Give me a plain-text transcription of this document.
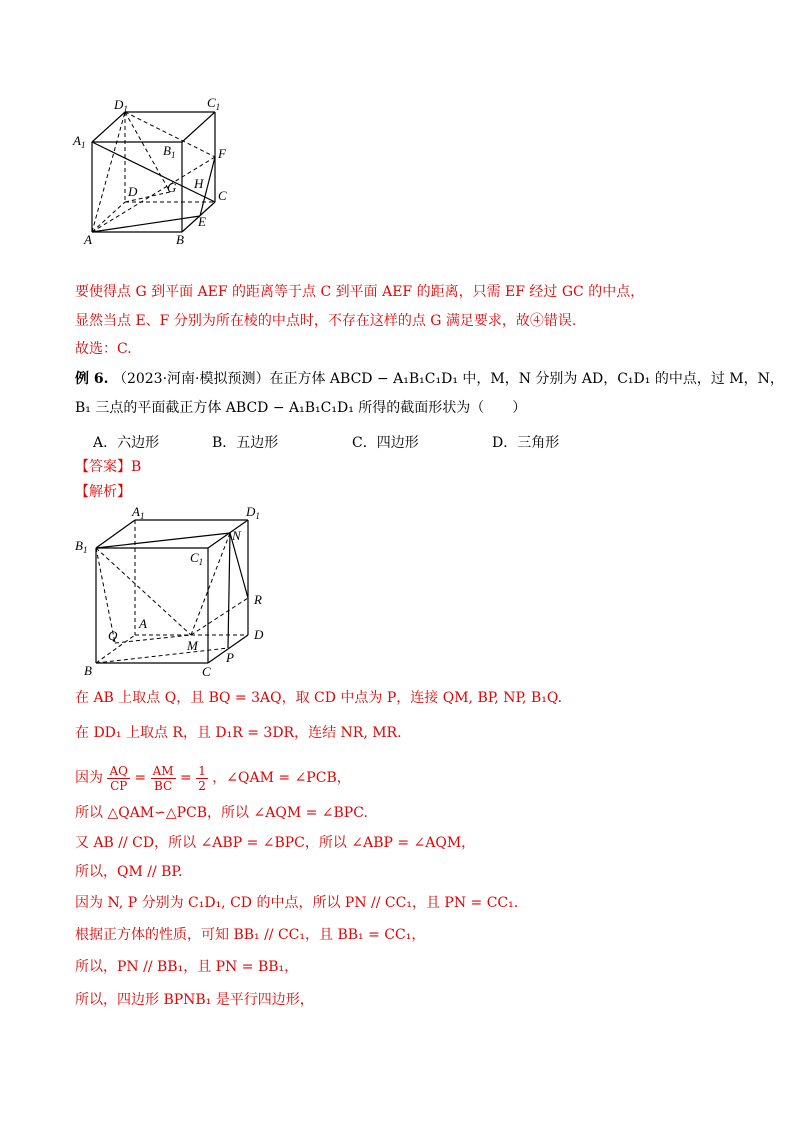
$A_1$
$D_1$	$C_1$
$B_1$	F
D G H
C
E
A	B
要使得点 G 到平面 AEF 的距离等于点 C 到平面 AEF 的距离，只需 EF 经过 GC 的中点，
显然当点 E、F 分别为所在棱的中点时，不存在这样的点 G 满足要求，故④错误.
故选：C.
例 6. （2023·河南·模拟预测）在正方体 ABCD − A₁B₁C₁D₁ 中，M，N 分别为 AD，C₁D₁ 的中点，过 M，N，
B₁ 三点的平面截正方体 ABCD − A₁B₁C₁D₁ 所得的截面形状为（　　）
A．六边形	B．五边形	C．四边形	D．三角形
【答案】B
【解析】
$A_1$	$D_1$
$B_1$
N
$C_1$
R
Q
A
M
D
B	C
P
在 AB 上取点 Q，且 BQ = 3AQ，取 CD 中点为 P，连接 QM, BP, NP, B₁Q.
在 DD₁ 上取点 R，且 D₁R = 3DR，连结 NR, MR.
因为 $\frac{AQ}{CP} = \frac{AM}{BC} = \frac{1}{2}$ ，∠QAM = ∠PCB，
所以 △QAM∽△PCB，所以 ∠AQM = ∠BPC.
又 AB // CD，所以 ∠ABP = ∠BPC，所以 ∠ABP = ∠AQM，
所以，QM // BP.
因为 N, P 分别为 C₁D₁, CD 的中点，所以 PN // CC₁，且 PN = CC₁.
根据正方体的性质，可知 BB₁ // CC₁，且 BB₁ = CC₁，
所以，PN // BB₁，且 PN = BB₁，
所以，四边形 BPNB₁ 是平行四边形，
